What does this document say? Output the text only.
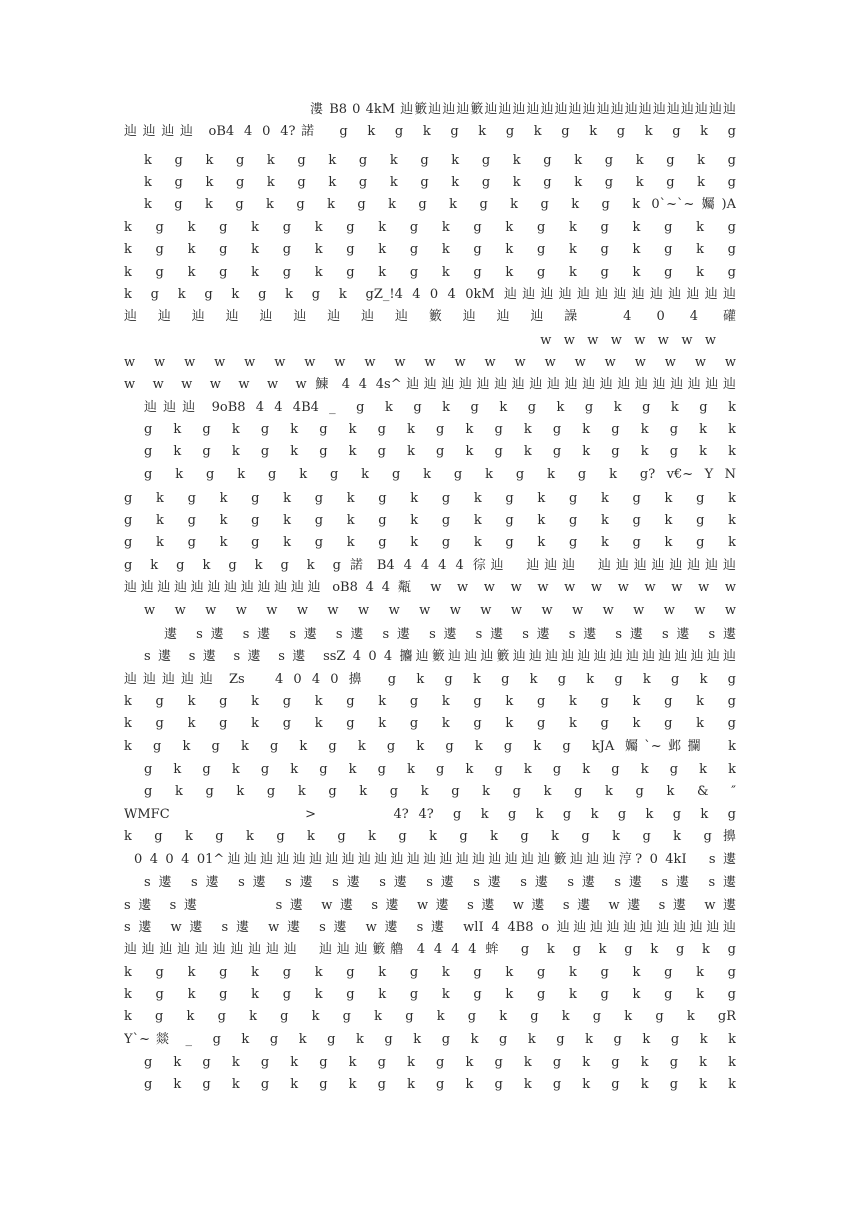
漊 B8 0 4kM 辿籔辿辿辿籔辿辿辿辿辿辿辿辿辿辿辿辿辿辿辿辿辿辿
辿辿辿辿 oB4 4 0 4?諾  g  k  g  k  g  k  g  k  g  k  g  k  g  k  g
k  g  k  g  k  g  k  g  k  g  k  g  k  g  k  g  k  g  k  g
k  g  k  g  k  g  k  g  k  g  k  g  k  g  k  g  k  g  k  g
k  g  k  g  k  g  k  g  k  g  k  g  k  g  k  g  k 0`~`~孎)A
k  g  k  g  k  g  k  g  k  g  k  g  k  g  k  g  k  g  k  g
k  g  k  g  k  g  k  g  k  g  k  g  k  g  k  g  k  g  k  g
k  g  k  g  k  g  k  g  k  g  k  g  k  g  k  g  k  g  k  g
k  g  k  g  k  g  k  g  k  gZ_!4 4 0 4 0kM 辿辿辿辿辿辿辿辿辿辿辿辿辿
辿辿辿辿辿辿辿辿辿籔辿辿辿譟 4 0 4 礶
w   w   w   w   w   w   w   w
w  w  w  w  w  w  w  w  w  w  w  w  w  w  w  w  w  w  w  w  w
w  w  w  w  w  w  w 鰊 4 4 4s^辿辿辿辿辿辿辿辿辿辿辿辿辿辿辿辿辿辿辿
辿辿辿 9oB8 4 4 4B4 _  g  k  g  k  g  k  g  k  g  k  g  k  g  k
g  k  g  k  g  k  g  k  g  k  g  k  g  k  g  k  g  k  g  k  k
g  k  g  k  g  k  g  k  g  k  g  k  g  k  g  k  g  k  g  k  k
g  k  g  k  g  k  g  k  g  k  g  k  g  k  g  k  g? v€~ Y N
g  k  g  k  g  k  g  k  g  k  g  k  g  k  g  k  g  k  g  k
g  k  g  k  g  k  g  k  g  k  g  k  g  k  g  k  g  k  g  k
g  k  g  k  g  k  g  k  g  k  g  k  g  k  g  k  g  k  g  k
g  k  g  k  g  k  g  k  g 諾 B4 4 4 4 4 徖辿  辿辿辿  辿辿辿辿辿辿辿辿
辿辿辿辿辿辿辿辿辿辿辿辿 oB8 4 4 甐  w  w  w  w  w  w  w  w  w  w  w  w
w  w  w  w  w  w  w  w  w  w  w  w  w  w  w  w  w  w  w  w
遱  s 遱  s 遱  s 遱  s 遱  s 遱  s 遱  s 遱  s 遱  s 遱  s 遱  s 遱  s 遱
s 遱  s 遱  s 遱  s 遱  ssZ 4 0 4 攟辿籔辿辿辿籔辿辿辿辿辿辿辿辿辿辿辿辿辿辿
辿辿辿辿辿 Zs   4 0 4 0 擤  g  k  g  k  g  k  g  k  g  k  g  k  g
k  g  k  g  k  g  k  g  k  g  k  g  k  g  k  g  k  g  k  g
k  g  k  g  k  g  k  g  k  g  k  g  k  g  k  g  k  g  k  g
k  g  k  g  k  g  k  g  k  g  k  g  k  g  k  g  kJA 孎`~邺攔  k
g  k  g  k  g  k  g  k  g  k  g  k  g  k  g  k  g  k  g  k  k
g  k  g  k  g  k  g  k  g  k  g  k  g  k  g  k  g  k  &  ″
WMFC              >        4? 4?  g  k  g  k  g  k  g  k  g  k  g
k  g  k  g  k  g  k  g  k  g  k  g  k  g  k  g  k  g  k  g 擤
0 4 0 4 01^辿辿辿辿辿辿辿辿辿辿辿辿辿辿辿辿辿辿辿辿籔辿辿辿涥? 0 4kI   s 遱
s 遱  s 遱  s 遱  s 遱  s 遱  s 遱  s 遱  s 遱  s 遱  s 遱  s 遱  s 遱  s 遱
s 遱  s 遱          s 遱  w 遱  s 遱  w 遱  s 遱  w 遱  s 遱  w 遱  s 遱  w 遱
s 遱  w 遱  s 遱  w 遱  s 遱  w 遱  s 遱  wlI 4 4B8 o 辿辿辿辿辿辿辿辿辿辿辿
辿辿辿辿辿辿辿辿辿辿  辿辿辿籔艪 4 4 4 4 蛑  g  k  g  k  g  k  g  k  g
k  g  k  g  k  g  k  g  k  g  k  g  k  g  k  g  k  g  k  g
k  g  k  g  k  g  k  g  k  g  k  g  k  g  k  g  k  g  k  g
k  g  k  g  k  g  k  g  k  g  k  g  k  g  k  g  k  g  k  gR
Y`~燚 _  g  k  g  k  g  k  g  k  g  k  g  k  g  k  g  k  g  k  k
g  k  g  k  g  k  g  k  g  k  g  k  g  k  g  k  g  k  g  k  k
g  k  g  k  g  k  g  k  g  k  g  k  g  k  g  k  g  k  g  k  k
